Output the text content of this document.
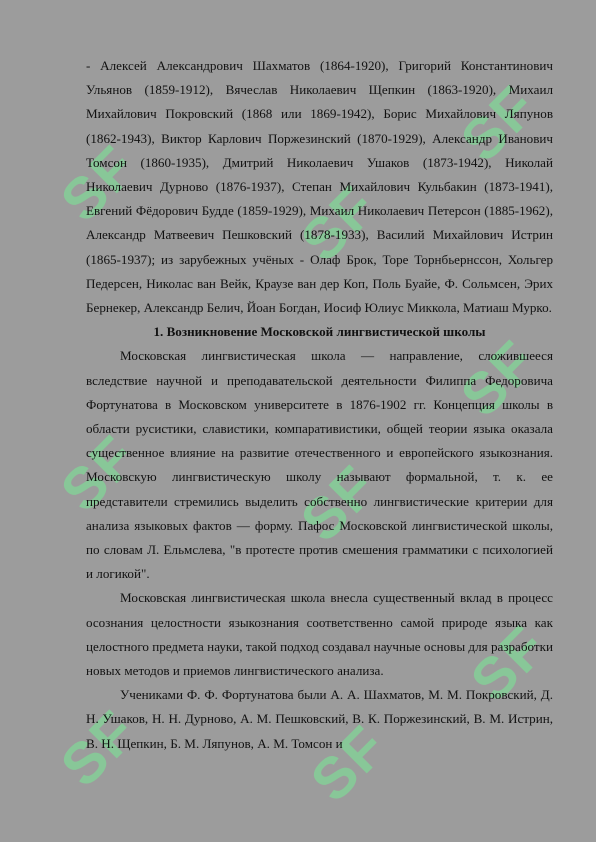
SF
SF
SF
SF
SF SF
SF
SF	SF

- Алексей Александрович Шахматов (1864-1920), Григорий Константинович Ульянов (1859-1912), Вячеслав Николаевич Щепкин (1863-1920), Михаил Михайлович Покровский (1868 или 1869-1942), Борис Михайлович Ляпунов (1862-1943), Виктор Карлович Поржезинский (1870-1929), Александр Иванович Томсон (1860-1935), Дмитрий Николаевич Ушаков (1873-1942), Николай Николаевич Дурново (1876-1937), Степан Михайлович Кульбакин (1873-1941), Евгений Фёдорович Будде (1859-1929), Михаил Николаевич Петерсон (1885-1962), Александр Матвеевич Пешковский (1878-1933), Василий Михайлович Истрин (1865-1937); из зарубежных учёных - Олаф Брок, Торе Торнбьернссон, Хольгер Педерсен, Николас ван Вейк, Краузе ван дер Коп, Поль Буайе, Ф. Сольмсен, Эрих Бернекер, Александр Белич, Йоан Богдан, Иосиф Юлиус Миккола, Матиаш Мурко.

1. Возникновение Московской лингвистической школы

Московская лингвистическая школа — направление, сложившееся вследствие научной и преподавательской деятельности Филиппа Федоровича Фортунатова в Московском университете в 1876-1902 гг. Концепция школы в области русистики, славистики, компаративистики, общей теории языка оказала существенное влияние на развитие отечественного и европейского языкознания. Московскую лингвистическую школу называют формальной, т. к. ее представители стремились выделить собственно лингвистические критерии для анализа языковых фактов — форму. Пафос Московской лингвистической школы, по словам Л. Ельмслева, "в протесте против смешения грамматики с психологией и логикой".

Московская лингвистическая школа внесла существенный вклад в процесс осознания целостности языкознания соответственно самой природе языка как целостного предмета науки, такой подход создавал научные основы для разработки новых методов и приемов лингвистического анализа.

Учениками Ф. Ф. Фортунатова были А. А. Шахматов, М. М. Покровский, Д. Н. Ушаков, Н. Н. Дурново, А. М. Пешковский, В. К. Поржезинский, В. М. Истрин, В. Н. Щепкин, Б. М. Ляпунов, А. М. Томсон и
